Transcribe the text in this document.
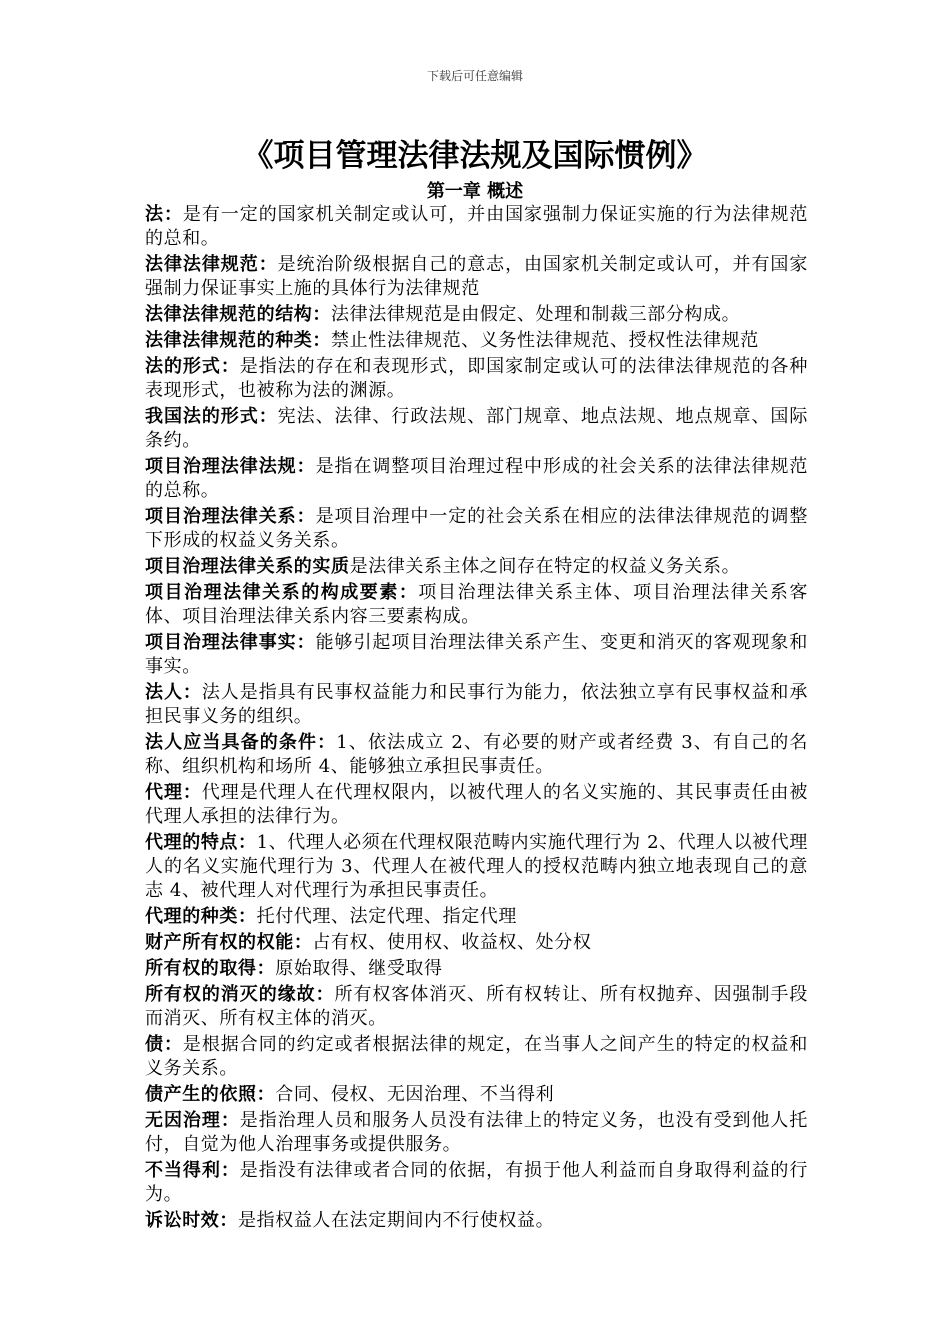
下载后可任意编辑
《项目管理法律法规及国际惯例》
第一章 概述

法：是有一定的国家机关制定或认可，并由国家强制力保证实施的行为法律规范的总和。

法律法律规范：是统治阶级根据自己的意志，由国家机关制定或认可，并有国家强制力保证事实上施的具体行为法律规范

法律法律规范的结构：法律法律规范是由假定、处理和制裁三部分构成。

法律法律规范的种类：禁止性法律规范、义务性法律规范、授权性法律规范

法的形式：是指法的存在和表现形式，即国家制定或认可的法律法律规范的各种表现形式，也被称为法的渊源。

我国法的形式：宪法、法律、行政法规、部门规章、地点法规、地点规章、国际条约。

项目治理法律法规：是指在调整项目治理过程中形成的社会关系的法律法律规范的总称。

项目治理法律关系：是项目治理中一定的社会关系在相应的法律法律规范的调整下形成的权益义务关系。

项目治理法律关系的实质是法律关系主体之间存在特定的权益义务关系。

项目治理法律关系的构成要素：项目治理法律关系主体、项目治理法律关系客体、项目治理法律关系内容三要素构成。

项目治理法律事实：能够引起项目治理法律关系产生、变更和消灭的客观现象和事实。

法人：法人是指具有民事权益能力和民事行为能力，依法独立享有民事权益和承担民事义务的组织。

法人应当具备的条件：1、依法成立 2、有必要的财产或者经费 3、有自己的名称、组织机构和场所 4、能够独立承担民事责任。

代理：代理是代理人在代理权限内，以被代理人的名义实施的、其民事责任由被代理人承担的法律行为。

代理的特点：1、代理人必须在代理权限范畴内实施代理行为 2、代理人以被代理人的名义实施代理行为 3、代理人在被代理人的授权范畴内独立地表现自己的意志 4、被代理人对代理行为承担民事责任。

代理的种类：托付代理、法定代理、指定代理

财产所有权的权能：占有权、使用权、收益权、处分权

所有权的取得：原始取得、继受取得

所有权的消灭的缘故：所有权客体消灭、所有权转让、所有权抛弃、因强制手段而消灭、所有权主体的消灭。

债：是根据合同的约定或者根据法律的规定，在当事人之间产生的特定的权益和义务关系。

债产生的依照：合同、侵权、无因治理、不当得利

无因治理：是指治理人员和服务人员没有法律上的特定义务，也没有受到他人托付，自觉为他人治理事务或提供服务。

不当得利：是指没有法律或者合同的依据，有损于他人利益而自身取得利益的行为。

诉讼时效：是指权益人在法定期间内不行使权益。
